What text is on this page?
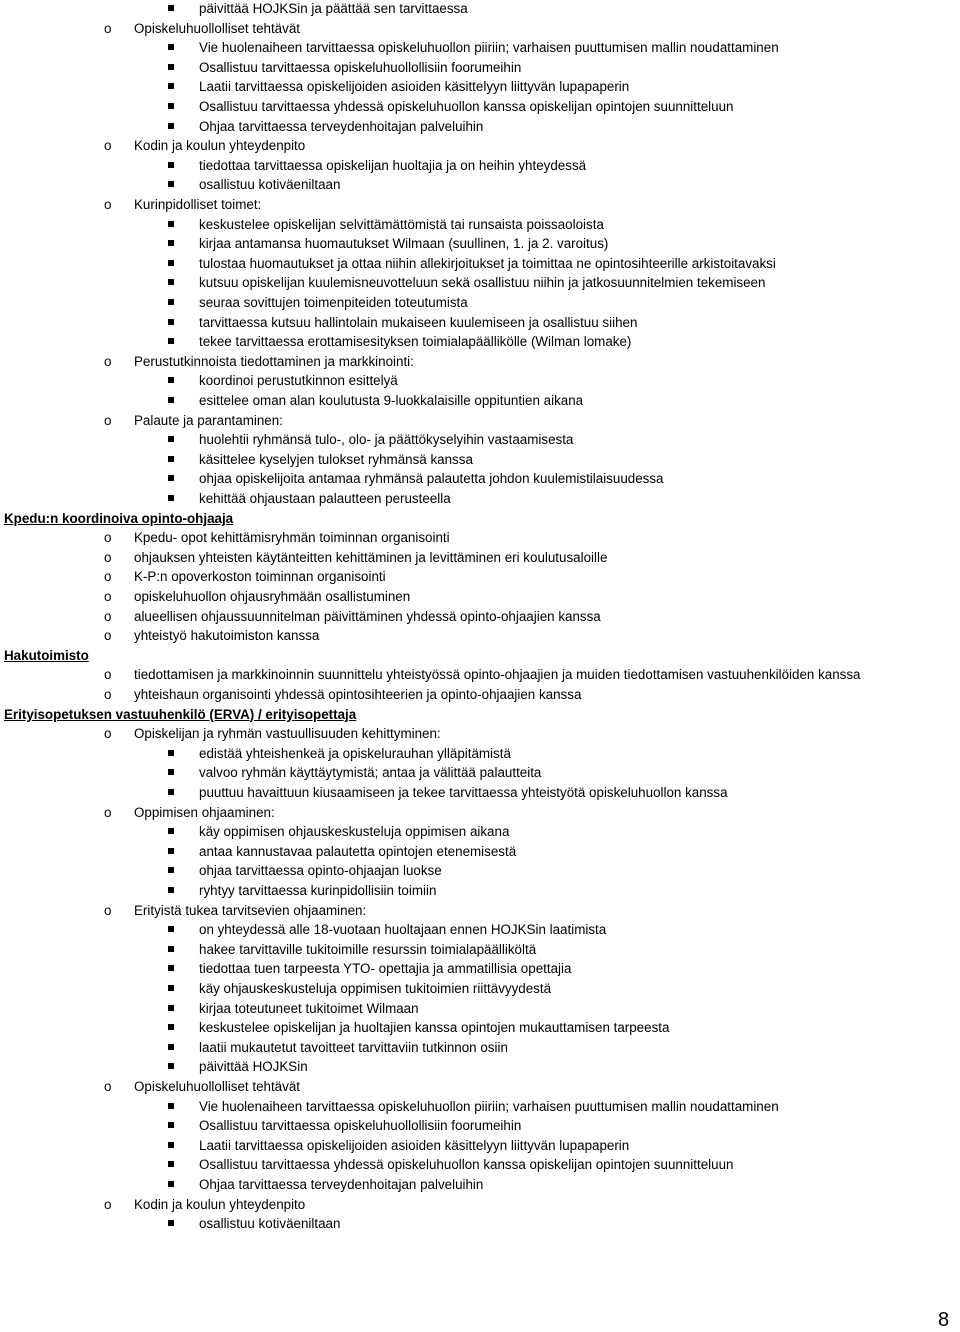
päivittää HOJKSin ja päättää sen tarvittaessa
o Opiskeluhuollolliset tehtävät
Vie huolenaiheen tarvittaessa opiskeluhuollon piiriin; varhaisen puuttumisen mallin noudattaminen
Osallistuu tarvittaessa opiskeluhuollollisiin foorumeihin
Laatii tarvittaessa opiskelijoiden asioiden käsittelyyn liittyvän lupapaperin
Osallistuu tarvittaessa yhdessä opiskeluhuollon kanssa opiskelijan opintojen suunnitteluun
Ohjaa tarvittaessa terveydenhoitajan palveluihin
o Kodin ja koulun yhteydenpito
tiedottaa tarvittaessa opiskelijan huoltajia ja on heihin yhteydessä
osallistuu kotiväeniltaan
o Kurinpidolliset toimet:
keskustelee opiskelijan selvittämättömistä tai runsaista poissaoloista
kirjaa antamansa huomautukset Wilmaan (suullinen, 1. ja 2. varoitus)
tulostaa huomautukset ja ottaa niihin allekirjoitukset ja toimittaa ne opintosihteerille arkistoitavaksi
kutsuu opiskelijan kuulemisneuvotteluun sekä osallistuu niihin ja jatkosuunnitelmien tekemiseen
seuraa sovittujen toimenpiteiden toteutumista
tarvittaessa kutsuu hallintolain mukaiseen kuulemiseen ja osallistuu siihen
tekee tarvittaessa erottamisesityksen toimialapäällikölle (Wilman lomake)
o Perustutkinnoista tiedottaminen ja markkinointi:
koordinoi perustutkinnon esittelyä
esittelee oman alan koulutusta 9-luokkalaisille oppituntien aikana
o Palaute ja parantaminen:
huolehtii ryhmänsä tulo-, olo- ja päättökyselyihin vastaamisesta
käsittelee kyselyjen tulokset ryhmänsä kanssa
ohjaa opiskelijoita antamaa ryhmänsä palautetta johdon kuulemistilaisuudessa
kehittää ohjaustaan palautteen perusteella
Kpedu:n koordinoiva opinto-ohjaaja
o Kpedu- opot kehittämisryhmän toiminnan organisointi
o ohjauksen yhteisten käytänteitten kehittäminen ja levittäminen eri koulutusaloille
o K-P:n opoverkoston toiminnan organisointi
o opiskeluhuollon ohjausryhmään osallistuminen
o alueellisen ohjaussuunnitelman päivittäminen yhdessä opinto-ohjaajien kanssa
o yhteistyö hakutoimiston kanssa
Hakutoimisto
o tiedottamisen ja markkinoinnin suunnittelu yhteistyössä opinto-ohjaajien ja muiden tiedottamisen vastuuhenkilöiden kanssa
o yhteishaun organisointi yhdessä opintosihteerien ja opinto-ohjaajien kanssa
Erityisopetuksen vastuuhenkilö (ERVA) / erityisopettaja
o Opiskelijan ja ryhmän vastuullisuuden kehittyminen:
edistää yhteishenkeä ja opiskelurauhan ylläpitämistä
valvoo ryhmän käyttäytymistä; antaa ja välittää palautteita
puuttuu havaittuun kiusaamiseen ja tekee tarvittaessa yhteistyötä opiskeluhuollon kanssa
o Oppimisen ohjaaminen:
käy oppimisen ohjauskeskusteluja oppimisen aikana
antaa kannustavaa palautetta opintojen etenemisestä
ohjaa tarvittaessa opinto-ohjaajan luokse
ryhtyy tarvittaessa kurinpidollisiin toimiin
o Erityistä tukea tarvitsevien ohjaaminen:
on yhteydessä alle 18-vuotaan huoltajaan ennen HOJKSin laatimista
hakee tarvittaville tukitoimille resurssin toimialapäälliköltä
tiedottaa tuen tarpeesta YTO- opettajia ja ammatillisia opettajia
käy ohjauskeskusteluja oppimisen tukitoimien riittävyydestä
kirjaa toteutuneet tukitoimet Wilmaan
keskustelee opiskelijan ja huoltajien kanssa opintojen mukauttamisen tarpeesta
laatii mukautetut tavoitteet tarvittaviin tutkinnon osiin
päivittää HOJKSin
o Opiskeluhuollolliset tehtävät
Vie huolenaiheen tarvittaessa opiskeluhuollon piiriin; varhaisen puuttumisen mallin noudattaminen
Osallistuu tarvittaessa opiskeluhuollollisiin foorumeihin
Laatii tarvittaessa opiskelijoiden asioiden käsittelyyn liittyvän lupapaperin
Osallistuu tarvittaessa yhdessä opiskeluhuollon kanssa opiskelijan opintojen suunnitteluun
Ohjaa tarvittaessa terveydenhoitajan palveluihin
o Kodin ja koulun yhteydenpito
osallistuu kotiväeniltaan
8
